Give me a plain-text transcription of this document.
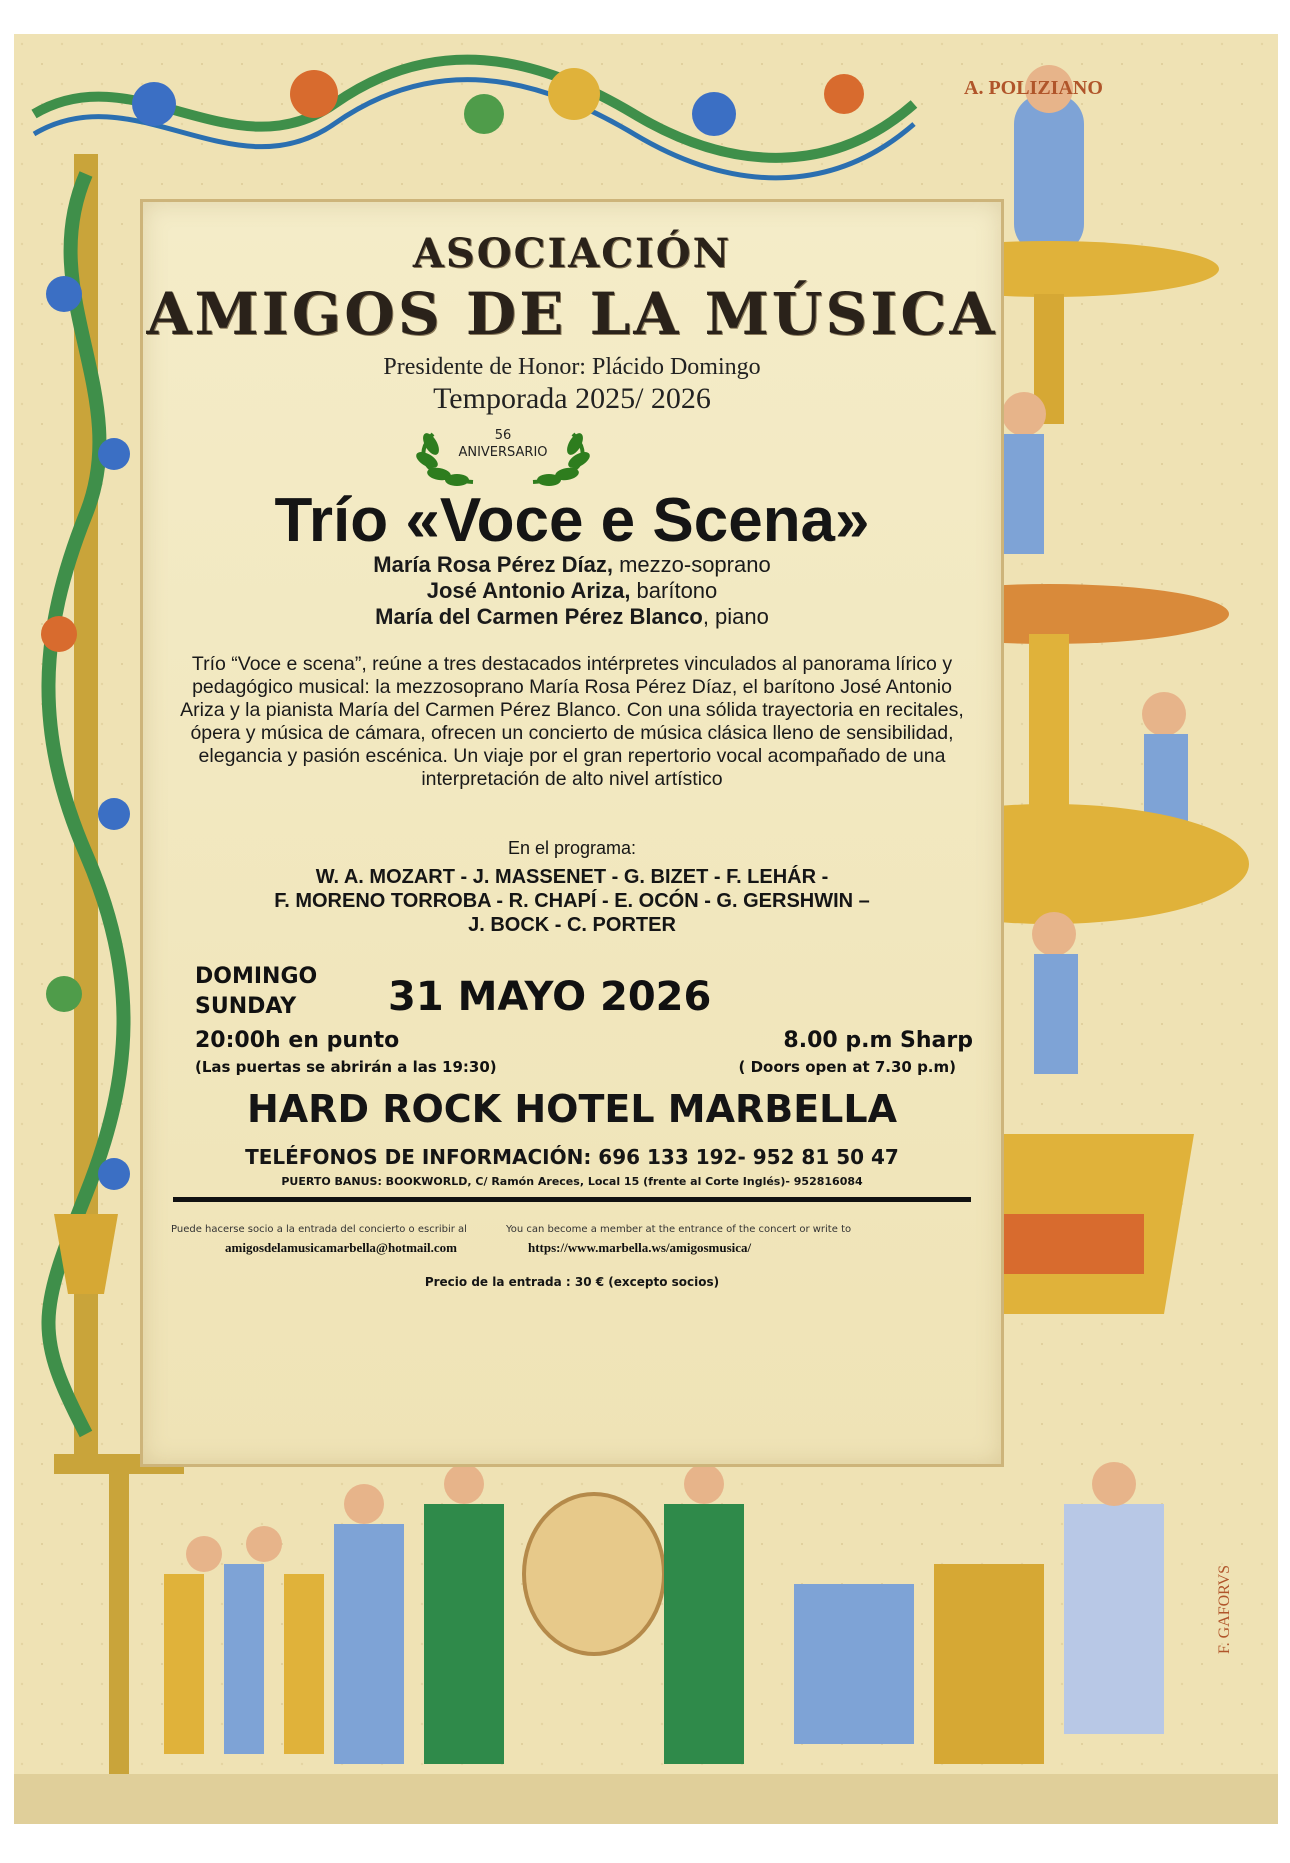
A. POLIZIANO
F. GAFORVS
ASOCIACIÓN
AMIGOS DE LA MÚSICA
Presidente de Honor: Plácido Domingo
Temporada 2025/ 2026
56
ANIVERSARIO
Trío «Voce e Scena»
María Rosa Pérez Díaz, mezzo-soprano
José Antonio Ariza, barítono
María del Carmen Pérez Blanco, piano
Trío “Voce e scena”, reúne a tres destacados intérpretes vinculados al panorama lírico y pedagógico musical: la mezzosoprano María Rosa Pérez Díaz, el barítono José Antonio Ariza y la pianista María del Carmen Pérez Blanco. Con una sólida trayectoria en recitales, ópera y música de cámara, ofrecen un concierto de música clásica lleno de sensibilidad, elegancia y pasión escénica. Un viaje por el gran repertorio vocal acompañado de una interpretación de alto nivel artístico
En el programa:
W. A. MOZART - J. MASSENET - G. BIZET - F. LEHÁR -
F. MORENO TORROBA - R. CHAPÍ - E. OCÓN - G. GERSHWIN –
J. BOCK - C. PORTER
DOMINGO
SUNDAY 31 MAYO 2026
20:00h en punto	8.00 p.m Sharp
(Las puertas se abrirán a las 19:30)	( Doors open at 7.30 p.m)
HARD ROCK HOTEL MARBELLA
TELÉFONOS DE INFORMACIÓN: 696 133 192- 952 81 50 47
PUERTO BANUS: BOOKWORLD, C/ Ramón Areces, Local 15 (frente al Corte Inglés)- 952816084
Puede hacerse socio a la entrada del concierto o escribir al	You can become a member at the entrance of the concert or write to
amigosdelamusicamarbella@hotmail.com	https://www.marbella.ws/amigosmusica/
Precio de la entrada : 30 € (excepto socios)
